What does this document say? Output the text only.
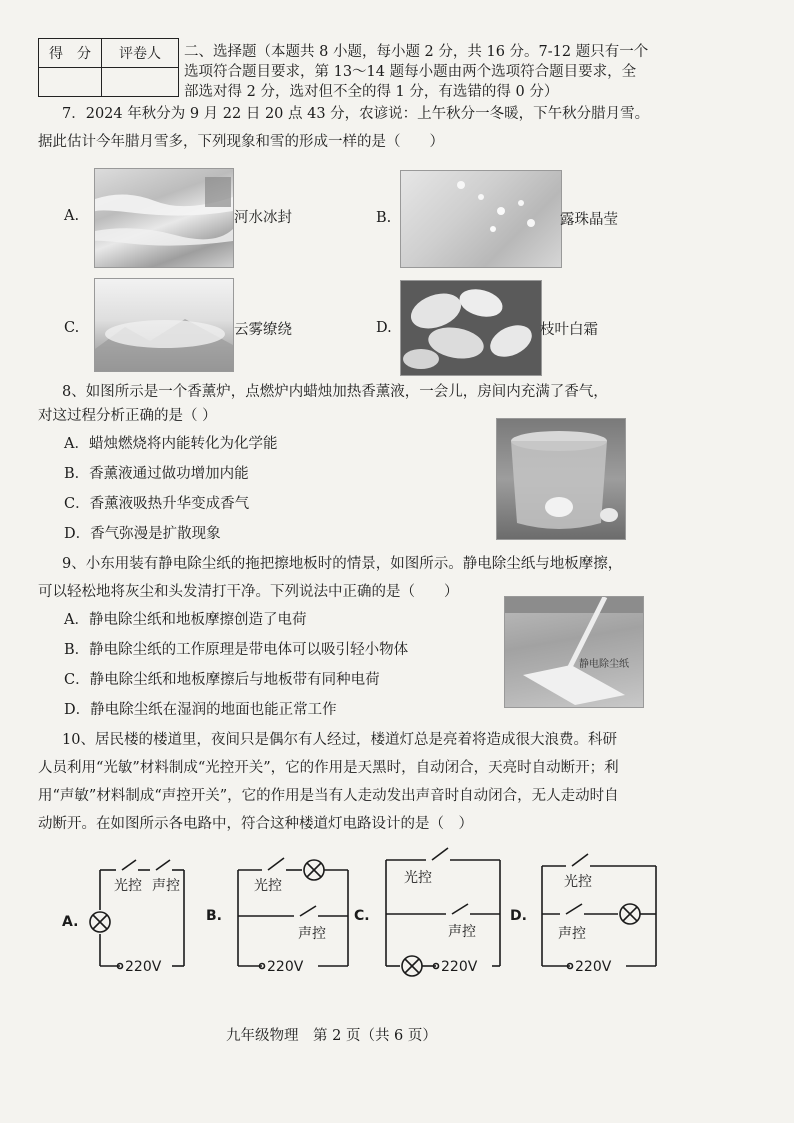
得　分	评卷人
	二、选择题（本题共 8 小题，每小题 2 分，共 16 分。7-12 题只有一个
选项符合题目要求，第 13～14 题每小题由两个选项符合题目要求，全
部选对得 2 分，选对但不全的得 1 分，有选错的得 0 分）
7．2024 年秋分为 9 月 22 日 20 点 43 分，农谚说：上午秋分一冬暖，下午秋分腊月雪。
据此估计今年腊月雪多，下列现象和雪的形成一样的是（　　）
A.	河水冰封	B.	露珠晶莹
C.	云雾缭绕	D.	枝叶白霜
8、如图所示是一个香薰炉，点燃炉内蜡烛加热香薰液，一会儿，房间内充满了香气，
对这过程分析正确的是（ ）
A．蜡烛燃烧将内能转化为化学能
B．香薰液通过做功增加内能
C．香薰液吸热升华变成香气
D．香气弥漫是扩散现象
9、小东用装有静电除尘纸的拖把擦地板时的情景，如图所示。静电除尘纸与地板摩擦，
可以轻松地将灰尘和头发清打干净。下列说法中正确的是（　　）
A．静电除尘纸和地板摩擦创造了电荷
B．静电除尘纸的工作原理是带电体可以吸引轻小物体
C．静电除尘纸和地板摩擦后与地板带有同种电荷
D．静电除尘纸在湿润的地面也能正常工作
静电除尘纸
10、居民楼的楼道里，夜间只是偶尔有人经过，楼道灯总是亮着将造成很大浪费。科研
人员利用“光敏”材料制成“光控开关”，它的作用是天黑时，自动闭合，天亮时自动断开；利
用“声敏”材料制成“声控开关”，它的作用是当有人走动发出声音时自动闭合，无人走动时自
动断开。在如图所示各电路中，符合这种楼道灯电路设计的是（　）
A.
光控 声控
220V
B.
光控
声控
220V
C.
光控
声控
220V
D.
光控
声控
220V
九年级物理　第 2 页（共 6 页）
